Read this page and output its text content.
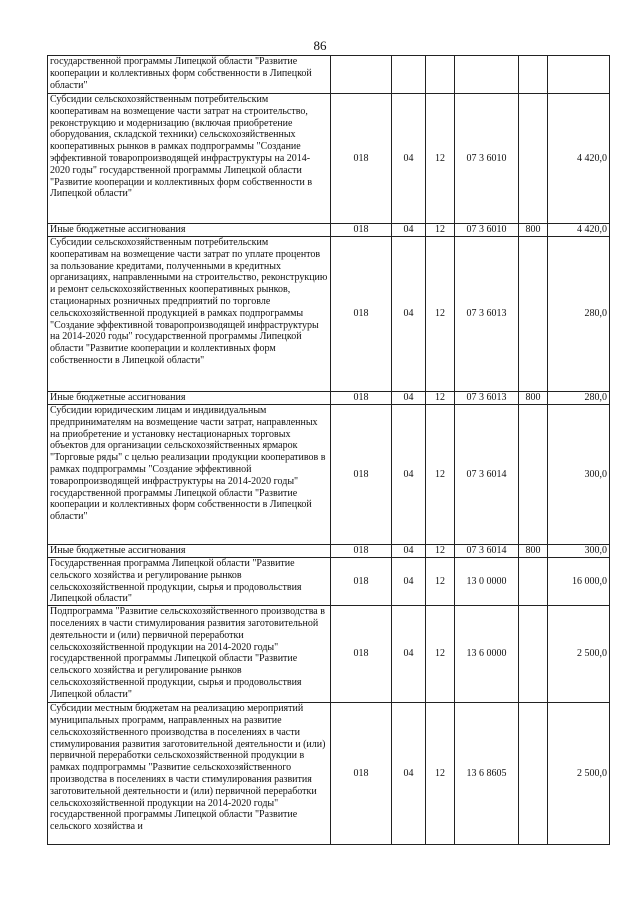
86
государственной программы Липецкой области "Развитие кооперации и коллективных форм собственности в Липецкой области"						
Субсидии сельскохозяйственным потребительским кооперативам на возмещение части затрат на строительство, реконструкцию и модернизацию (включая приобретение оборудования, складской техники) сельскохозяйственных кооперативных рынков в рамках подпрограммы "Создание эффективной товаропроизводящей инфраструктуры на 2014-2020 годы" государственной программы Липецкой области "Развитие кооперации и коллективных форм собственности в Липецкой области"	018	04	12	07 3 6010		4 420,0
Иные бюджетные ассигнования	018	04	12	07 3 6010	800	4 420,0
Субсидии сельскохозяйственным потребительским кооперативам на возмещение части затрат по уплате процентов за пользование кредитами, полученными в кредитных организациях, направленными на строительство, реконструкцию и ремонт сельскохозяйственных кооперативных рынков, стационарных розничных предприятий по торговле сельскохозяйственной продукцией в рамках подпрограммы "Создание эффективной товаропроизводящей инфраструктуры на 2014-2020 годы" государственной программы Липецкой области "Развитие кооперации и коллективных форм собственности в Липецкой области"	018	04	12	07 3 6013		280,0
Иные бюджетные ассигнования	018	04	12	07 3 6013	800	280,0
Субсидии юридическим лицам и индивидуальным предпринимателям на возмещение части затрат, направленных на приобретение и установку нестационарных торговых объектов для организации сельскохозяйственных ярмарок "Торговые ряды" с целью реализации продукции кооперативов в рамках подпрограммы "Создание эффективной товаропроизводящей инфраструктуры на 2014-2020 годы" государственной программы Липецкой области "Развитие кооперации и коллективных форм собственности в Липецкой области"	018	04	12	07 3 6014		300,0
Иные бюджетные ассигнования	018	04	12	07 3 6014	800	300,0
Государственная программа Липецкой области "Развитие сельского хозяйства и регулирование рынков сельскохозяйственной продукции, сырья и продовольствия Липецкой области"	018	04	12	13 0 0000		16 000,0
Подпрограмма "Развитие сельскохозяйственного производства в поселениях в части стимулирования развития заготовительной деятельности и (или) первичной переработки сельскохозяйственной продукции на 2014-2020 годы" государственной программы Липецкой области "Развитие сельского хозяйства и регулирование рынков сельскохозяйственной продукции, сырья и продовольствия Липецкой области"	018	04	12	13 6 0000		2 500,0
Субсидии местным бюджетам на реализацию мероприятий муниципальных программ, направленных на развитие сельскохозяйственного производства в поселениях в части стимулирования развития заготовительной деятельности и (или) первичной переработки сельскохозяйственной продукции в рамках подпрограммы "Развитие сельскохозяйственного производства в поселениях в части стимулирования развития заготовительной деятельности и (или) первичной переработки сельскохозяйственной продукции на 2014-2020 годы" государственной программы Липецкой области "Развитие сельского хозяйства и	018	04	12	13 6 8605		2 500,0
